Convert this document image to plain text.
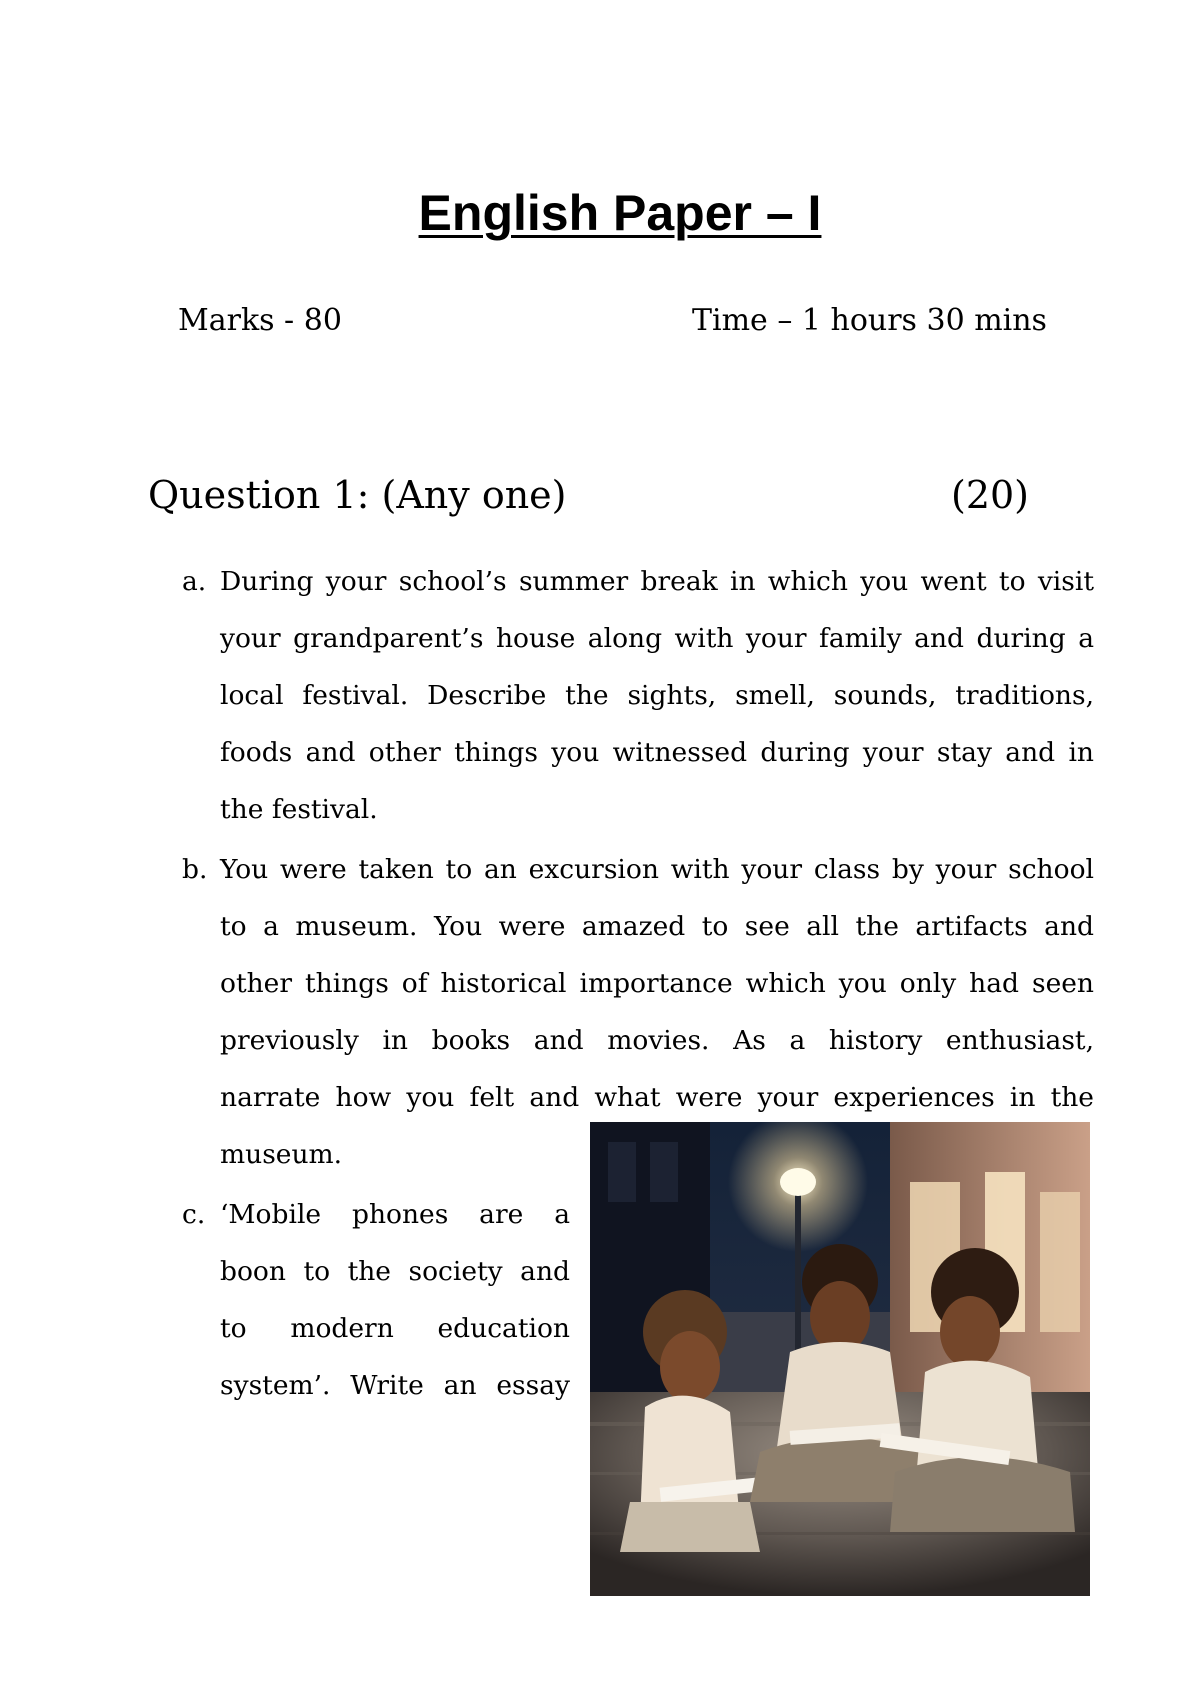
English Paper – I
Marks - 80	Time – 1 hours 30 mins
Question 1: (Any one)	(20)
a. During your school’s summer break in which you went to visit
your grandparent’s house along with your family and during a
local festival. Describe the sights, smell, sounds, traditions,
foods and other things you witnessed during your stay and in
the festival.
b. You were taken to an excursion with your class by your school
to a museum. You were amazed to see all the artifacts and
other things of historical importance which you only had seen
previously in books and movies. As a history enthusiast,
narrate how you felt and what were your experiences in the
museum.
c. ‘Mobile phones are a
boon to the society and
to modern education
system’. Write an essay
